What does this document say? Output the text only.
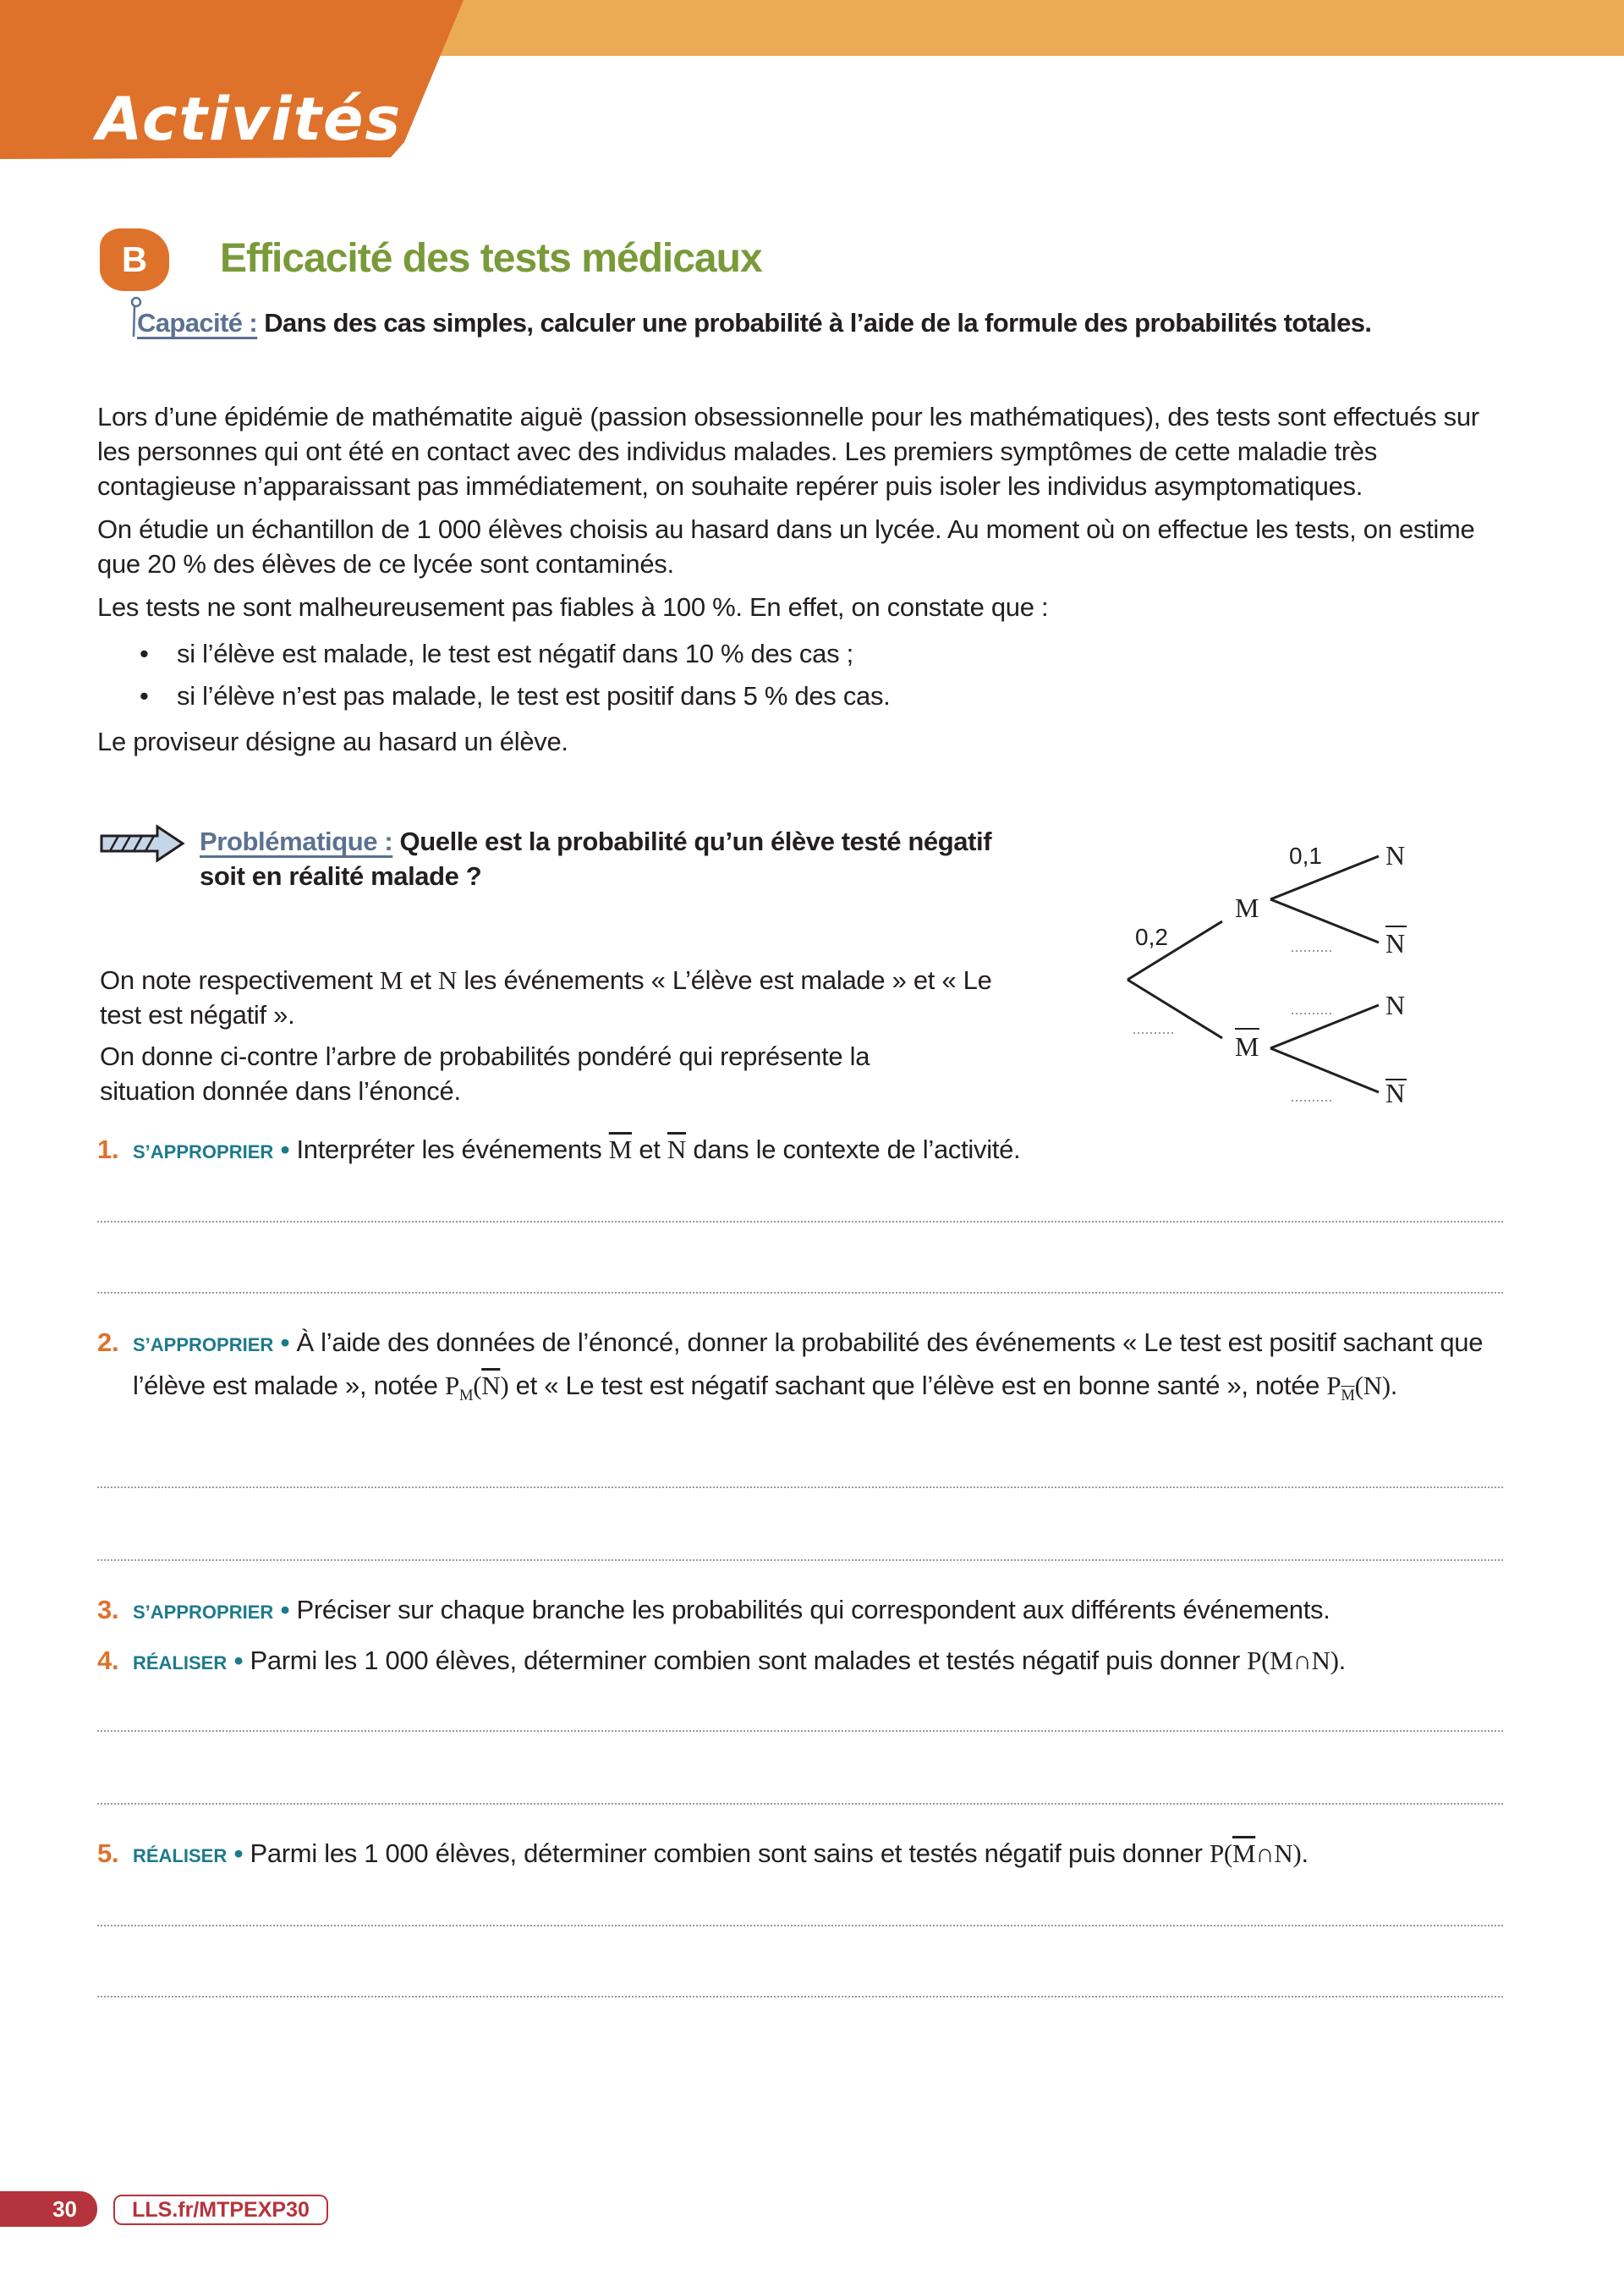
Activités
B	Efficacité des tests médicaux
Capacité : Dans des cas simples, calculer une probabilité à l’aide de la formule des probabilités totales.

Lors d’une épidémie de mathématite aiguë (passion obsessionnelle pour les mathématiques), des tests sont effectués sur les personnes qui ont été en contact avec des individus malades. Les premiers symptômes de cette maladie très contagieuse n’apparaissant pas immédiatement, on souhaite repérer puis isoler les individus asymptomatiques.

On étudie un échantillon de 1 000 élèves choisis au hasard dans un lycée. Au moment où on effectue les tests, on estime que 20 % des élèves de ce lycée sont contaminés.

Les tests ne sont malheureusement pas fiables à 100 %. En effet, on constate que :

• si l’élève est malade, le test est négatif dans 10 % des cas ;
• si l’élève n’est pas malade, le test est positif dans 5 % des cas.

Le proviseur désigne au hasard un élève.

Problématique : Quelle est la probabilité qu’un élève testé négatif soit en réalité malade ?

On note respectivement M et N les événements « L’élève est malade » et « Le test est négatif ».

On donne ci-contre l’arbre de probabilités pondéré qui représente la situation donnée dans l’énoncé.

M
M
N
N
N
N
0,2
0,1
1. S’APPROPRIER • Interpréter les événements $\overline{M}$ et $\overline{N}$ dans le contexte de l’activité.
2. S’APPROPRIER • À l’aide des données de l’énoncé, donner la probabilité des événements « Le test est positif sachant que l’élève est malade », notée $P_M(\overline{N})$ et « Le test est négatif sachant que l’élève est en bonne santé », notée $P_{\overline{M}}(N)$.
3. S’APPROPRIER • Préciser sur chaque branche les probabilités qui correspondent aux différents événements.
4. RÉALISER • Parmi les 1 000 élèves, déterminer combien sont malades et testés négatif puis donner P(M∩N).
5. RÉALISER • Parmi les 1 000 élèves, déterminer combien sont sains et testés négatif puis donner $P(\overline{M}\cap N)$.
30	LLS.fr/MTPEXP30
